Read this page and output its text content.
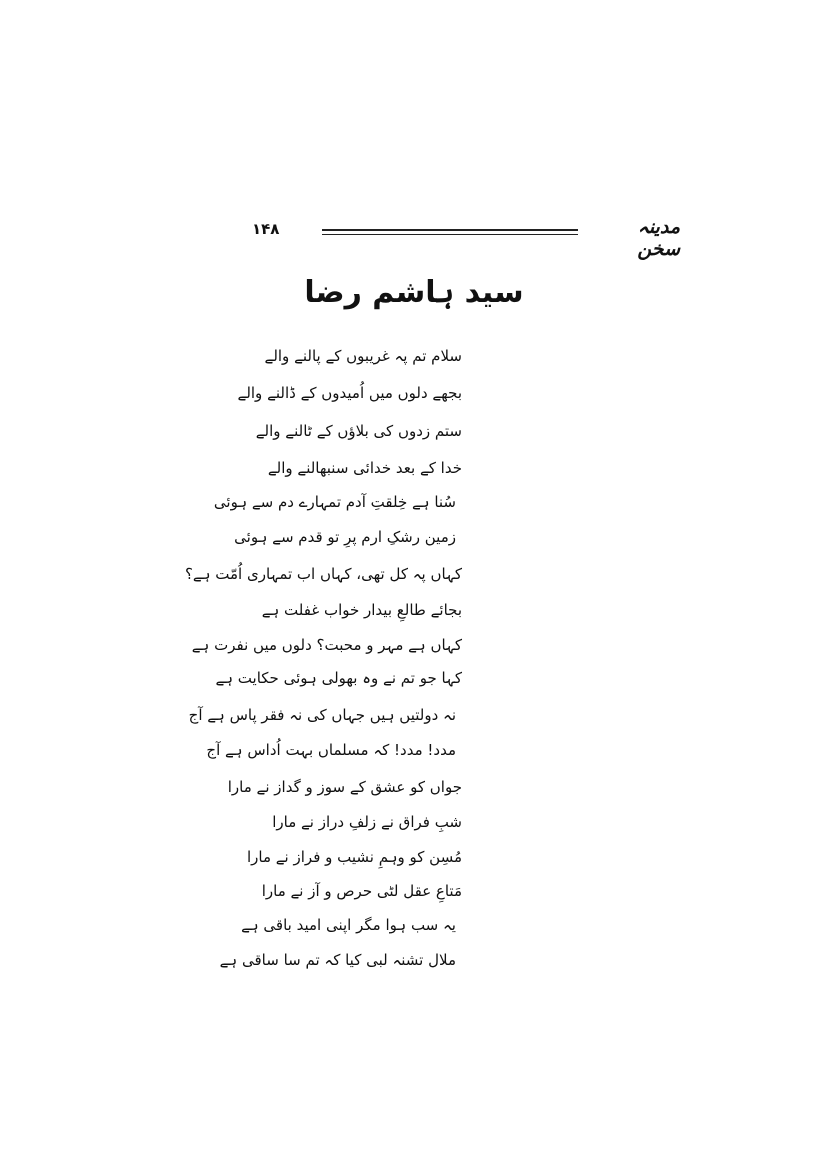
۱۴۸	مدینہ سخن
سید ہاشم رضا
سلام تم پہ غریبوں کے پالنے والے
بجھے دلوں میں اُمیدوں کے ڈالنے والے
ستم زدوں کی بلاؤں کے ٹالنے والے
خدا کے بعد خدائی سنبھالنے والے
سُنا ہے خِلقتِ آدم تمہارے دم سے ہوئی
زمین رشکِ ارم پرِ تو قدم سے ہوئی
کہاں پہ کل تھی، کہاں اب تمہاری اُمّت ہے؟
بجائے طالعِ بیدار خواب غفلت ہے
کہاں ہے مہر و محبت؟ دلوں میں نفرت ہے
کہا جو تم نے وہ بھولی ہوئی حکایت ہے
نہ دولتیں ہیں جہاں کی نہ فقر پاس ہے آج
مدد! مدد! کہ مسلماں بہت اُداس ہے آج
جواں کو عشق کے سوز و گداز نے مارا
شبِ فراق نے زلفِ دراز نے مارا
مُسِن کو وہمِ نشیب و فراز نے مارا
مَتاعِ عقل لٹی حرص و آز نے مارا
یہ سب ہوا مگر اپنی امید باقی ہے
ملال تشنہ لبی کیا کہ تم سا ساقی ہے
